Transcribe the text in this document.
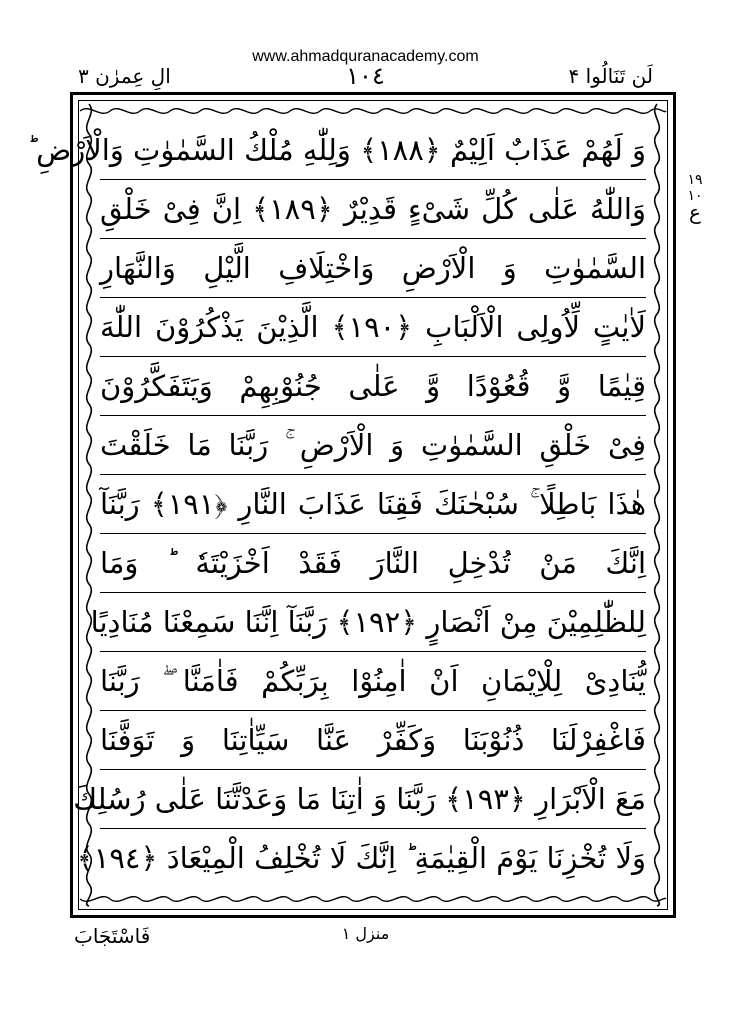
www.ahmadquranacademy.com
الِ عِمرٰن ٣	١٠٤	لَن تَنَالُوا ۴
١٩ ١٠
ع
وَ لَهُمْ عَذَابٌ اَلِيْمٌ ﴿١٨٨﴾ وَلِلّٰهِ مُلْكُ السَّمٰوٰتِ وَالْاَرْضِ ؕ
وَاللّٰهُ عَلٰى كُلِّ شَیْءٍ قَدِيْرٌ ﴿١٨٩﴾ اِنَّ فِىْ خَلْقِ
السَّمٰوٰتِ وَ الْاَرْضِ وَاخْتِلَافِ الَّيْلِ وَالنَّهَارِ
لَاٰيٰتٍ لِّاُولِى الْاَلْبَابِ ﴿١٩٠﴾ الَّذِيْنَ يَذْكُرُوْنَ اللّٰهَ
قِيٰمًا وَّ قُعُوْدًا وَّ عَلٰى جُنُوْبِهِمْ وَيَتَفَكَّرُوْنَ
فِىْ خَلْقِ السَّمٰوٰتِ وَ الْاَرْضِ ۚ رَبَّنَا مَا خَلَقْتَ
هٰذَا بَاطِلًا ۚ سُبْحٰنَكَ فَقِنَا عَذَابَ النَّارِ ﴿١٩١﴾ رَبَّنَآ
اِنَّكَ مَنْ تُدْخِلِ النَّارَ فَقَدْ اَخْزَيْتَهٗ ؕ وَمَا
لِلظّٰلِمِيْنَ مِنْ اَنْصَارٍ ﴿١٩٢﴾ رَبَّنَآ اِنَّنَا سَمِعْنَا مُنَادِيًا
يُّنَادِىْ لِلْاِيْمَانِ اَنْ اٰمِنُوْا بِرَبِّكُمْ فَاٰمَنَّا ۖ رَبَّنَا
فَاغْفِرْلَنَا ذُنُوْبَنَا وَكَفِّرْ عَنَّا سَيِّاٰتِنَا وَ تَوَفَّنَا
مَعَ الْاَبْرَارِ ﴿١٩٣﴾ رَبَّنَا وَ اٰتِنَا مَا وَعَدْتَّنَا عَلٰى رُسُلِكَ
وَلَا تُخْزِنَا يَوْمَ الْقِيٰمَةِ ؕ اِنَّكَ لَا تُخْلِفُ الْمِيْعَادَ ﴿١٩٤﴾
فَاسْتَجَابَ	منزل ١
